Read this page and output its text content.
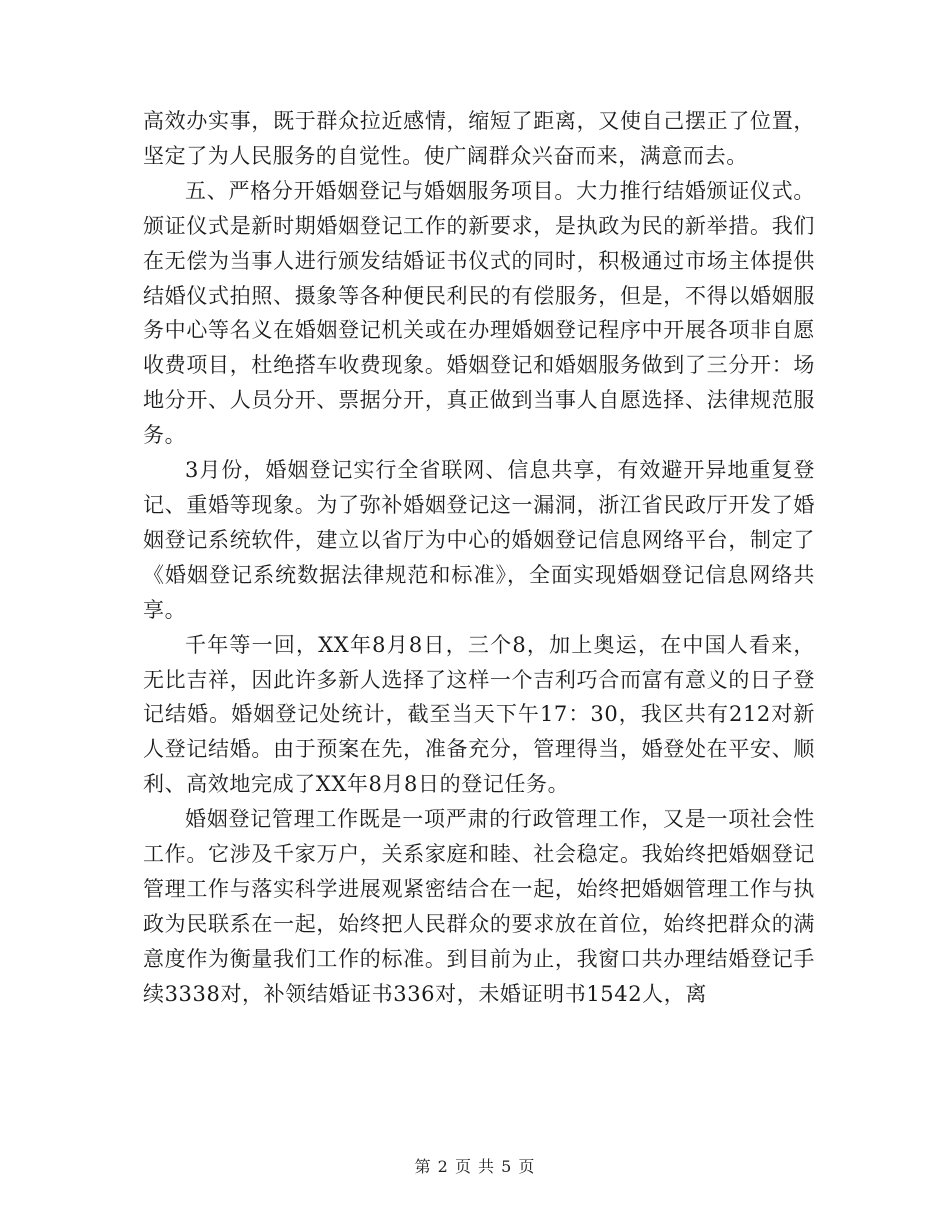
高效办实事，既于群众拉近感情，缩短了距离，又使自己摆正了位置，坚定了为人民服务的自觉性。使广阔群众兴奋而来，满意而去。

五、严格分开婚姻登记与婚姻服务项目。大力推行结婚颁证仪式。颁证仪式是新时期婚姻登记工作的新要求，是执政为民的新举措。我们在无偿为当事人进行颁发结婚证书仪式的同时，积极通过市场主体提供结婚仪式拍照、摄象等各种便民利民的有偿服务，但是，不得以婚姻服务中心等名义在婚姻登记机关或在办理婚姻登记程序中开展各项非自愿收费项目，杜绝搭车收费现象。婚姻登记和婚姻服务做到了三分开：场地分开、人员分开、票据分开，真正做到当事人自愿选择、法律规范服务。

3月份，婚姻登记实行全省联网、信息共享，有效避开异地重复登记、重婚等现象。为了弥补婚姻登记这一漏洞，浙江省民政厅开发了婚姻登记系统软件，建立以省厅为中心的婚姻登记信息网络平台，制定了《婚姻登记系统数据法律规范和标准》，全面实现婚姻登记信息网络共享。

千年等一回，XX年8月8日，三个8，加上奥运，在中国人看来，无比吉祥，因此许多新人选择了这样一个吉利巧合而富有意义的日子登记结婚。婚姻登记处统计，截至当天下午17：30，我区共有212对新人登记结婚。由于预案在先，准备充分，管理得当，婚登处在平安、顺利、高效地完成了XX年8月8日的登记任务。

婚姻登记管理工作既是一项严肃的行政管理工作，又是一项社会性工作。它涉及千家万户，关系家庭和睦、社会稳定。我始终把婚姻登记管理工作与落实科学进展观紧密结合在一起，始终把婚姻管理工作与执政为民联系在一起，始终把人民群众的要求放在首位，始终把群众的满意度作为衡量我们工作的标准。到目前为止，我窗口共办理结婚登记手续3338对，补领结婚证书336对，未婚证明书1542人，离

第 2 页 共 5 页
